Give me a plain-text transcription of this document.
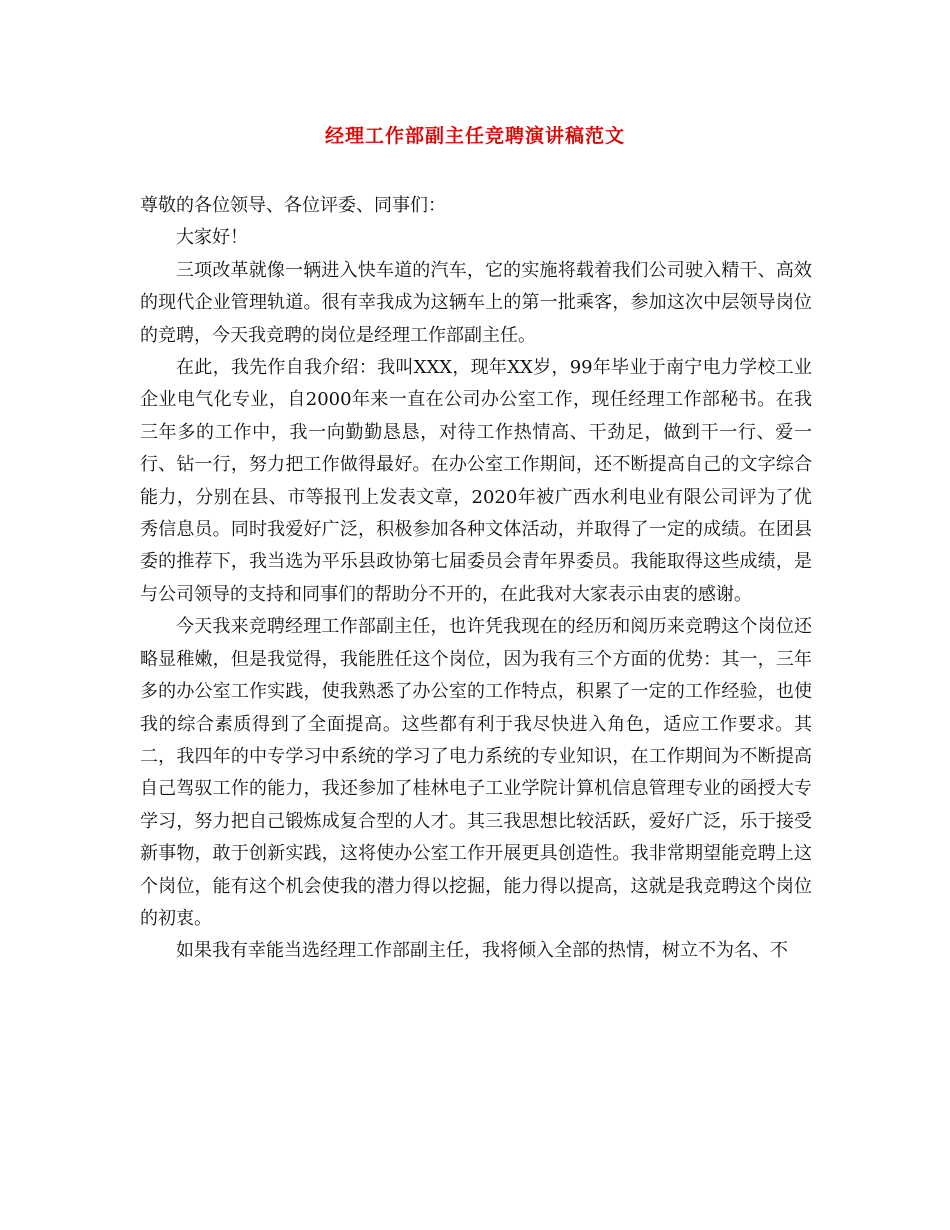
经理工作部副主任竞聘演讲稿范文

尊敬的各位领导、各位评委、同事们：

大家好！

三项改革就像一辆进入快车道的汽车，它的实施将载着我们公司驶入精干、高效的现代企业管理轨道。很有幸我成为这辆车上的第一批乘客，参加这次中层领导岗位的竞聘，今天我竞聘的岗位是经理工作部副主任。

在此，我先作自我介绍：我叫XXX，现年XX岁，99年毕业于南宁电力学校工业企业电气化专业，自2000年来一直在公司办公室工作，现任经理工作部秘书。在我三年多的工作中，我一向勤勤恳恳，对待工作热情高、干劲足，做到干一行、爱一行、钻一行，努力把工作做得最好。在办公室工作期间，还不断提高自己的文字综合能力，分别在县、市等报刊上发表文章，2020年被广西水利电业有限公司评为了优秀信息员。同时我爱好广泛，积极参加各种文体活动，并取得了一定的成绩。在团县委的推荐下，我当选为平乐县政协第七届委员会青年界委员。我能取得这些成绩，是与公司领导的支持和同事们的帮助分不开的，在此我对大家表示由衷的感谢。

今天我来竞聘经理工作部副主任，也许凭我现在的经历和阅历来竞聘这个岗位还略显稚嫩，但是我觉得，我能胜任这个岗位，因为我有三个方面的优势：其一，三年多的办公室工作实践，使我熟悉了办公室的工作特点，积累了一定的工作经验，也使我的综合素质得到了全面提高。这些都有利于我尽快进入角色，适应工作要求。其二，我四年的中专学习中系统的学习了电力系统的专业知识，在工作期间为不断提高自己驾驭工作的能力，我还参加了桂林电子工业学院计算机信息管理专业的函授大专学习，努力把自己锻炼成复合型的人才。其三我思想比较活跃，爱好广泛，乐于接受新事物，敢于创新实践，这将使办公室工作开展更具创造性。我非常期望能竞聘上这个岗位，能有这个机会使我的潜力得以挖掘，能力得以提高，这就是我竞聘这个岗位的初衷。

如果我有幸能当选经理工作部副主任，我将倾入全部的热情，树立不为名、不
